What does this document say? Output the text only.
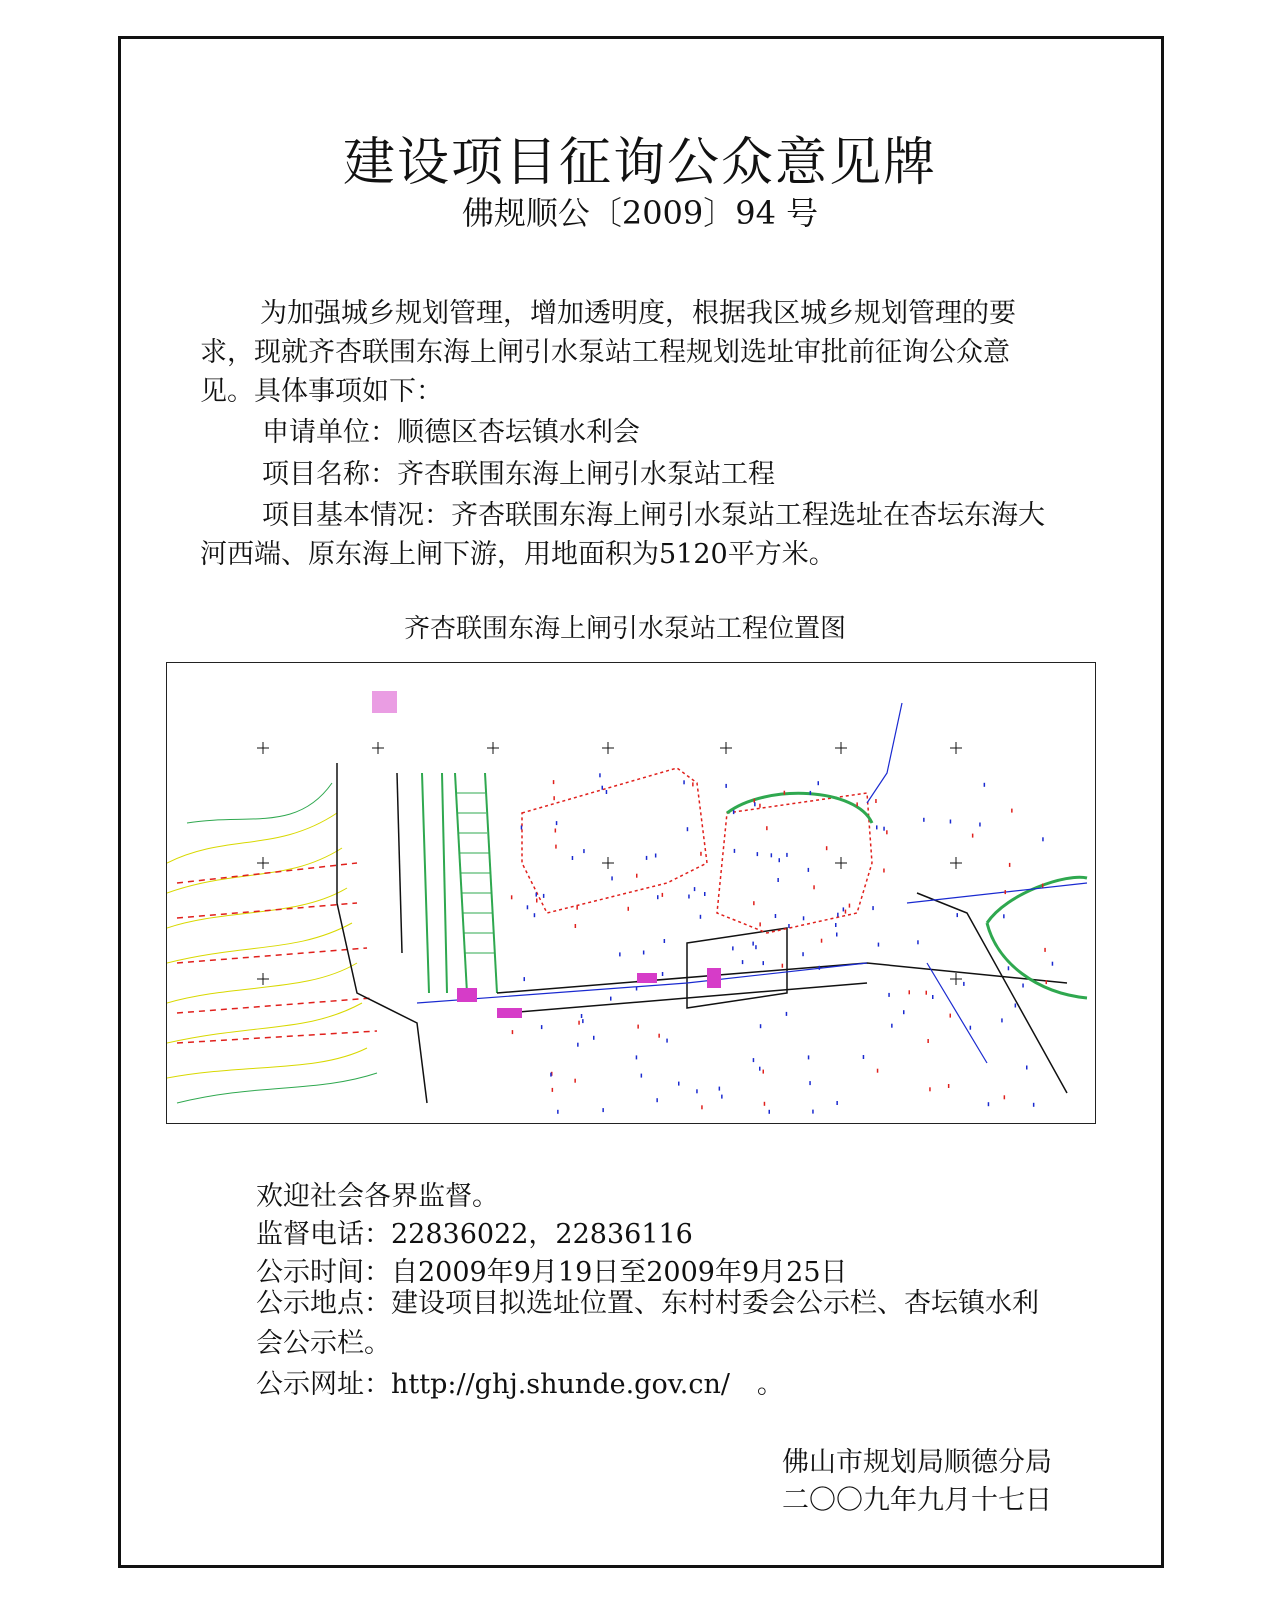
建设项目征询公众意见牌
佛规顺公〔2009〕94 号
为加强城乡规划管理，增加透明度，根据我区城乡规划管理的要求，现就齐杏联围东海上闸引水泵站工程规划选址审批前征询公众意见。具体事项如下：
申请单位：顺德区杏坛镇水利会
项目名称：齐杏联围东海上闸引水泵站工程
项目基本情况：齐杏联围东海上闸引水泵站工程选址在杏坛东海大河西端、原东海上闸下游，用地面积为5120平方米。
齐杏联围东海上闸引水泵站工程位置图
欢迎社会各界监督。
监督电话：22836022，22836116
公示时间：自2009年9月19日至2009年9月25日
公示地点：建设项目拟选址位置、东村村委会公示栏、杏坛镇水利会公示栏。
公示网址：http://ghj.shunde.gov.cn/　。
佛山市规划局顺德分局
二〇〇九年九月十七日
